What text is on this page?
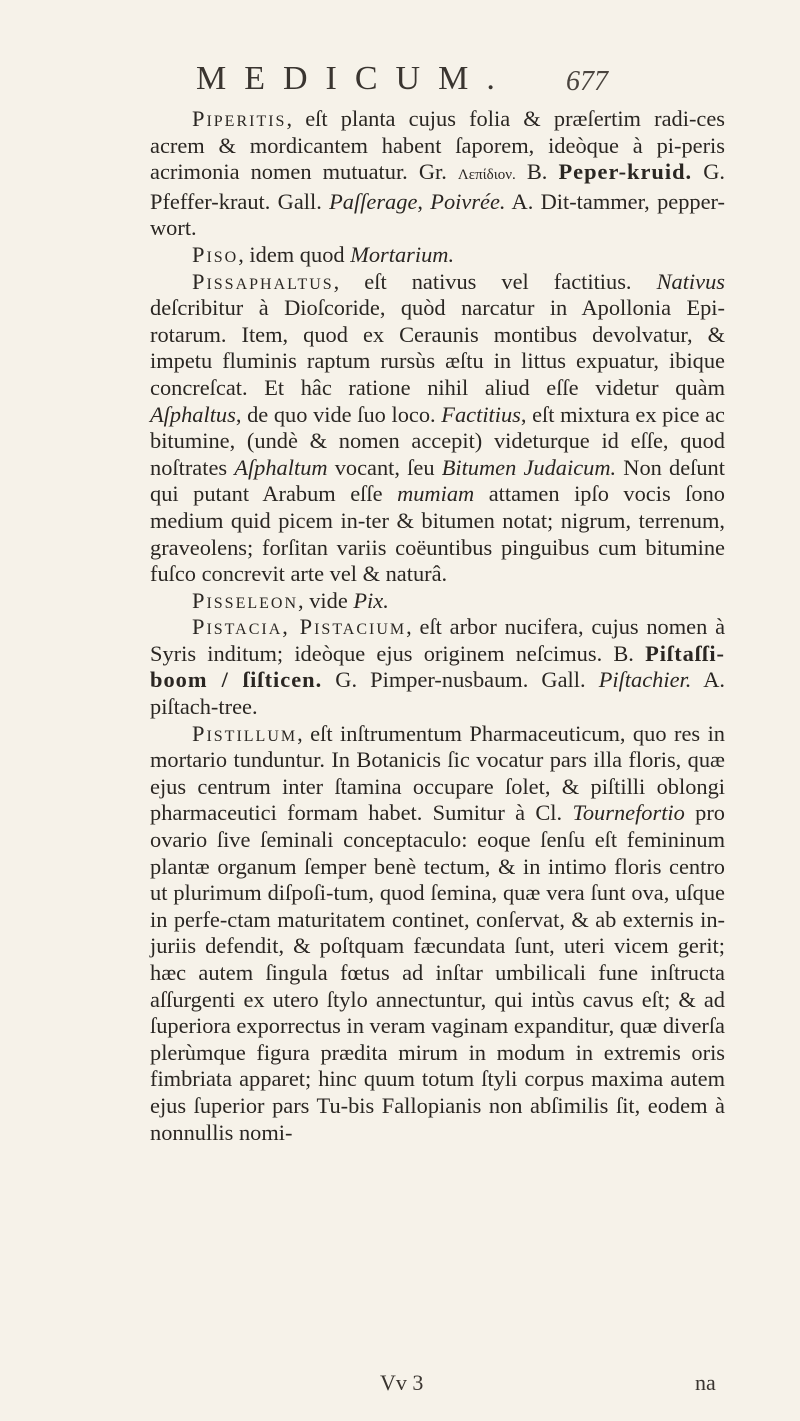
MEDICUM. 677

Piperitis, eſt planta cujus folia & præſertim radi-ces acrem & mordicantem habent ſaporem, ideòque à pi-peris acrimonia nomen mutuatur. Gr. Λεπίδιον. B. Peper-kruid. G. Pfeffer-kraut. Gall. Paſſerage, Poivrée. A. Dit-tammer, pepper-wort.

Piso, idem quod Mortarium.

Pissaphaltus, eſt nativus vel factitius. Nativus deſcribitur à Dioſcoride, quòd narcatur in Apollonia Epi-rotarum. Item, quod ex Ceraunis montibus devolvatur, & impetu fluminis raptum rursùs æſtu in littus expuatur, ibique concreſcat. Et hâc ratione nihil aliud eſſe videtur quàm Aſphaltus, de quo vide ſuo loco. Factitius, eſt mixtura ex pice ac bitumine, (undè & nomen accepit) videturque id eſſe, quod noſtrates Aſphaltum vocant, ſeu Bitumen Judaicum. Non deſunt qui putant Arabum eſſe mumiam attamen ipſo vocis ſono medium quid picem in-ter & bitumen notat; nigrum, terrenum, graveolens; forſitan variis coëuntibus pinguibus cum bitumine fuſco concrevit arte vel & naturâ.

Pisseleon, vide Pix.

Pistacia, Pistacium, eſt arbor nucifera, cujus nomen à Syris inditum; ideòque ejus originem neſcimus. B. Piſtaſſi-boom / ſiſticen. G. Pimper-nusbaum. Gall. Piſtachier. A. piſtach-tree.

Pistillum, eſt inſtrumentum Pharmaceuticum, quo res in mortario tunduntur. In Botanicis ſic vocatur pars illa floris, quæ ejus centrum inter ſtamina occupare ſolet, & piſtilli oblongi pharmaceutici formam habet. Sumitur à Cl. Tournefortio pro ovario ſive ſeminali conceptaculo: eoque ſenſu eſt femininum plantæ organum ſemper benè tectum, & in intimo floris centro ut plurimum diſpoſi-tum, quod ſemina, quæ vera ſunt ova, uſque in perfe-ctam maturitatem continet, conſervat, & ab externis in-juriis defendit, & poſtquam fæcundata ſunt, uteri vicem gerit; hæc autem ſingula fœtus ad inſtar umbilicali fune inſtructa aſſurgenti ex utero ſtylo annectuntur, qui intùs cavus eſt; & ad ſuperiora exporrectus in veram vaginam expanditur, quæ diverſa plerùmque figura prædita mirum in modum in extremis oris fimbriata apparet; hinc quum totum ſtyli corpus maxima autem ejus ſuperior pars Tu-bis Fallopianis non abſimilis ſit, eodem à nonnullis nomi-

Vv 3	na
